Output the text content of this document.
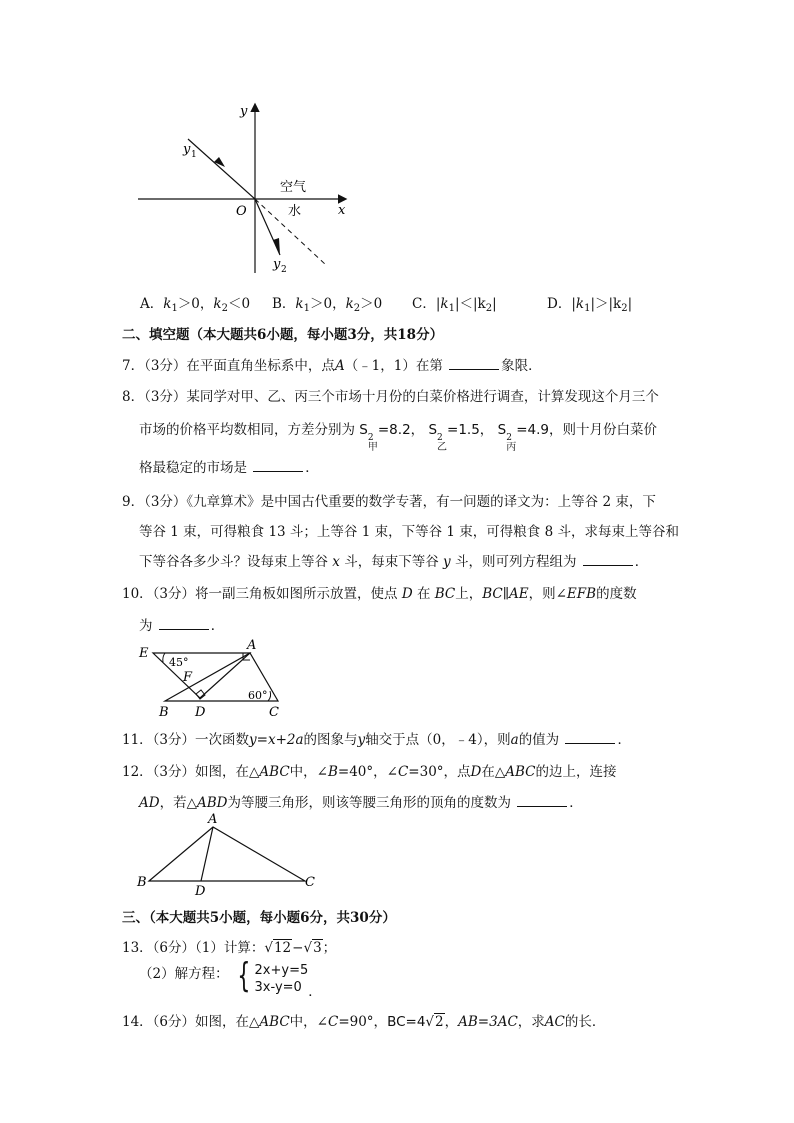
y
x
O
y 1
y 2
空气
水
A．$k_1>0$，$k_2<0$ B．$k_1>0$，$k_2>0$ C．$|k_1|<|k_2|$	D．$|k_1|>|k_2|$
二、填空题（本大题共6小题，每小题3分，共18分）
7．（3分）在平面直角坐标系中，点A（﹣1，1）在第	象限．
8．（3分）某同学对甲、乙、丙三个市场十月份的白菜价格进行调查，计算发现这个月三个
市场的价格平均数相同，方差分别为 S 2
甲
=8.2， S 2
乙
=1.5， S 2
丙
=4.9，则十月份白菜价
格最稳定的市场是	．
9．（3分）《九章算术》是中国古代重要的数学专著，有一问题的译文为：上等谷 2 束，下
等谷 1 束，可得粮食 13 斗；上等谷 1 束，下等谷 1 束，可得粮食 8 斗，求每束上等谷和
下等谷各多少斗？设每束上等谷 x 斗，每束下等谷 y 斗，则可列方程组为	．
10．（3分）将一副三角板如图所示放置，使点 D 在 BC上，BC∥AE，则∠EFB的度数
为	．
E
A
F
B D	C
45°
60°
11．（3分）一次函数y=x+2a的图象与y轴交于点（0，﹣4），则a的值为	．
12．（3分）如图，在△ABC中，∠B=40°，∠C=30°，点D在△ABC的边上，连接
AD，若△ABD为等腰三角形，则该等腰三角形的顶角的度数为	．
A
B
D
C
三、（本大题共5小题，每小题6分，共30分）
13．（6分）（1）计算：√12−√3；
（2）解方程： { 2x+y=5
3x-y=0 ．
14．（6分）如图，在△ABC中，∠C=90°，BC=4√2，AB=3AC，求AC的长．
